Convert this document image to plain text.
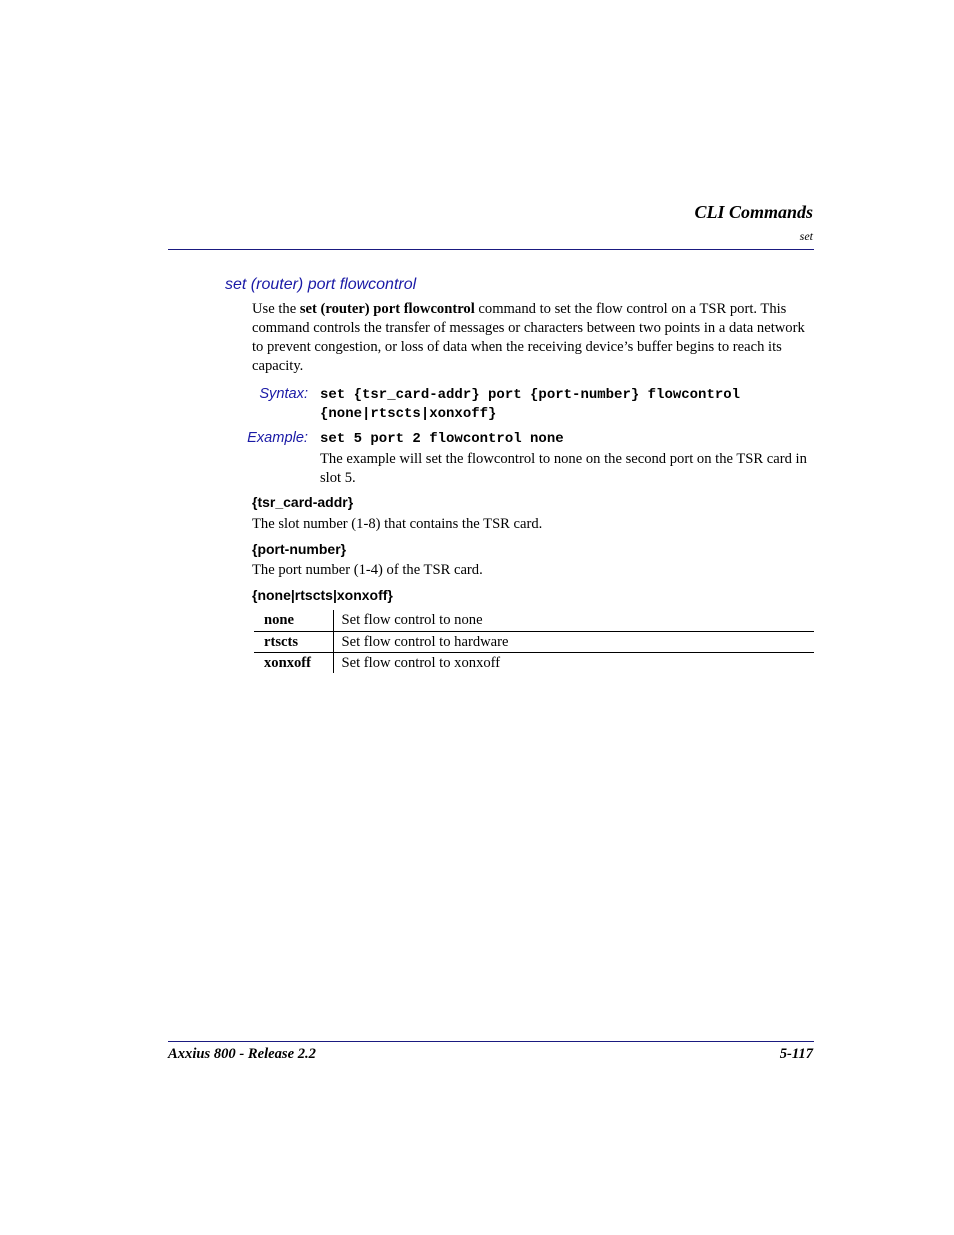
CLI Commands
set
set (router) port flowcontrol
Use the set (router) port flowcontrol command to set the flow control on a TSR port. This command controls the transfer of messages or characters between two points in a data network to prevent congestion, or loss of data when the receiving device’s buffer begins to reach its capacity.
Syntax: set {tsr_card-addr} port {port-number} flowcontrol
{none|rtscts|xonxoff}
Example: set 5 port 2 flowcontrol none
The example will set the flowcontrol to none on the second port on the TSR card in slot 5.
{tsr_card-addr}
The slot number (1-8) that contains the TSR card.
{port-number}
The port number (1-4) of the TSR card.
{none|rtscts|xonxoff}
none	Set flow control to none
rtscts	Set flow control to hardware
xonxoff	Set flow control to xonxoff
Axxius 800 - Release 2.2	5-117
